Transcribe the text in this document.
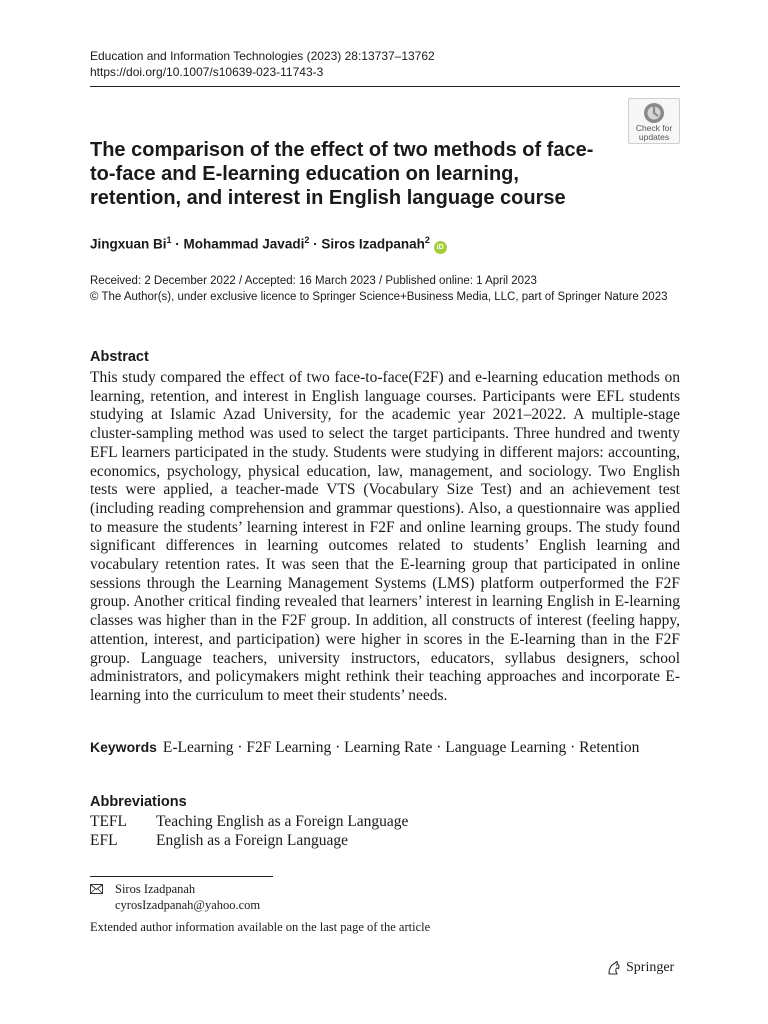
Education and Information Technologies (2023) 28:13737–13762
https://doi.org/10.1007/s10639-023-11743-3
Check for
updates
The comparison of the effect of two methods of face-to-face and E-learning education on learning, retention, and interest in English language course
Jingxuan $Bi^1$ · Mohammad Javadi$^2$ · Siros Izadpanah$^2$ iD
Received: 2 December 2022 / Accepted: 16 March 2023 / Published online: 1 April 2023
© The Author(s), under exclusive licence to Springer Science+Business Media, LLC, part of Springer Nature 2023
Abstract

This study compared the effect of two face-to-face(F2F) and e-learning education methods on learning, retention, and interest in English language courses. Participants were EFL students studying at Islamic Azad University, for the academic year 2021–2022. A multiple-stage cluster-sampling method was used to select the target participants. Three hundred and twenty EFL learners participated in the study. Students were studying in different majors: accounting, economics, psychology, physical education, law, management, and sociology. Two English tests were applied, a teacher-made VTS (Vocabulary Size Test) and an achievement test (including reading comprehension and grammar questions). Also, a questionnaire was applied to measure the students’ learning interest in F2F and online learning groups. The study found significant differences in learning outcomes related to students’ English learning and vocabulary retention rates. It was seen that the E-learning group that participated in online sessions through the Learning Management Systems (LMS) platform outperformed the F2F group. Another critical finding revealed that learners’ interest in learning English in E-learning classes was higher than in the F2F group. In addition, all constructs of interest (feeling happy, attention, interest, and participation) were higher in scores in the E-learning than in the F2F group. Language teachers, university instructors, educators, syllabus designers, school administrators, and policymakers might rethink their teaching approaches and incorporate E-learning into the curriculum to meet their students’ needs.

Keywords E-Learning · F2F Learning · Learning Rate · Language Learning · Retention
Abbreviations
TEFL	Teaching English as a Foreign Language
EFL	English as a Foreign Language
Siros Izadpanah
cyrosIzadpanah@yahoo.com
Extended author information available on the last page of the article
Springer
